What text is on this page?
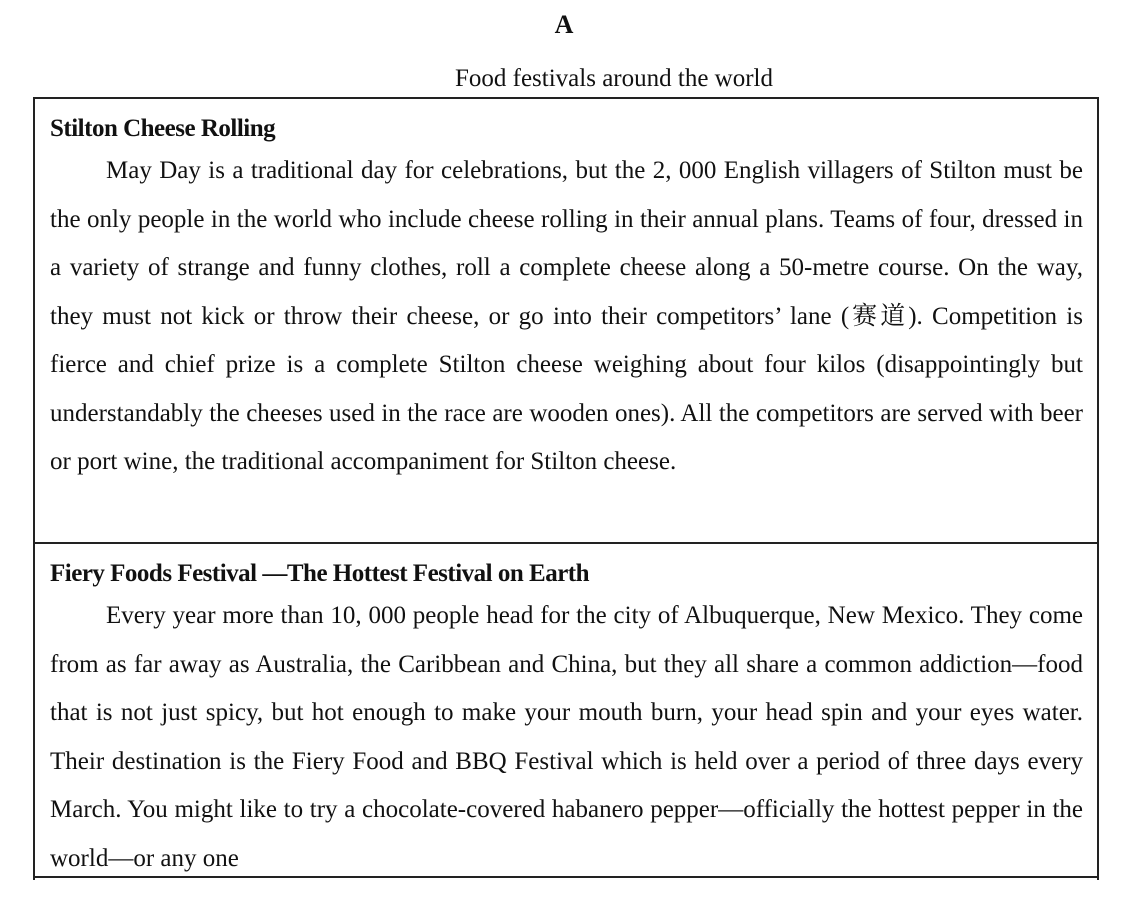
A
Food festivals around the world

Stilton Cheese Rolling

May Day is a traditional day for celebrations, but the 2, 000 English villagers of Stilton must be the only people in the world who include cheese rolling in their annual plans. Teams of four, dressed in a variety of strange and funny clothes, roll a complete cheese along a 50-metre course. On the way, they must not kick or throw their cheese, or go into their competitors’ lane (赛道). Competition is fierce and chief prize is a complete Stilton cheese weighing about four kilos (disappointingly but understandably the cheeses used in the race are wooden ones). All the competitors are served with beer or port wine, the traditional accompaniment for Stilton cheese.

Fiery Foods Festival —The Hottest Festival on Earth

Every year more than 10, 000 people head for the city of Albuquerque, New Mexico. They come from as far away as Australia, the Caribbean and China, but they all share a common addiction—food that is not just spicy, but hot enough to make your mouth burn, your head spin and your eyes water. Their destination is the Fiery Food and BBQ Festival which is held over a period of three days every March. You might like to try a chocolate-covered habanero pepper—officially the hottest pepper in the world—or any one
